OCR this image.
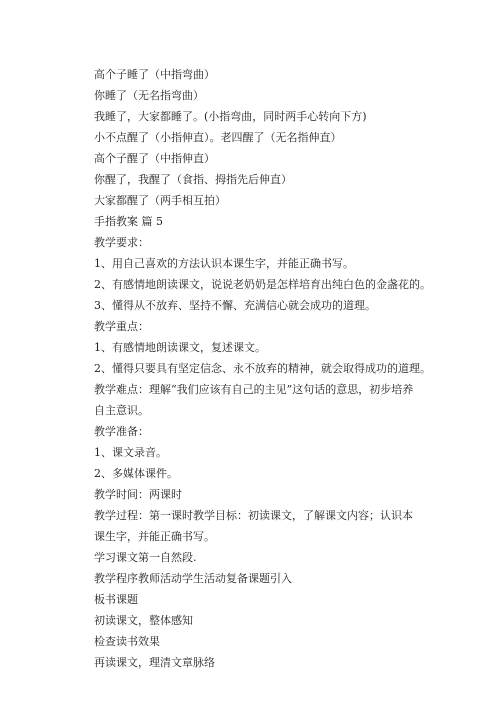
高个子睡了（中指弯曲）
你睡了（无名指弯曲）
我睡了，大家都睡了。(小指弯曲，同时两手心转向下方)
小不点醒了（小指伸直）。老四醒了（无名指伸直）
高个子醒了（中指伸直）
你醒了，我醒了（食指、拇指先后伸直）
大家都醒了（两手相互拍）
手指教案 篇 5
教学要求：
1、用自己喜欢的方法认识本课生字，并能正确书写。
2、有感情地朗读课文，说说老奶奶是怎样培育出纯白色的金盏花的。
3、懂得从不放弃、坚持不懈、充满信心就会成功的道理。
教学重点：
1、有感情地朗读课文，复述课文。
2、懂得只要具有坚定信念、永不放弃的精神，就会取得成功的道理。
教学难点：理解“我们应该有自己的主见”这句话的意思，初步培养自主意识。
教学准备：
1、课文录音。
2、多媒体课件。
教学时间：两课时
教学过程：第一课时教学目标：初读课文，了解课文内容；认识本课生字，并能正确书写。
学习课文第一自然段.
教学程序教师活动学生活动复备课题引入
板书课题
初读课文，整体感知
检查读书效果
再读课文，理清文章脉络
